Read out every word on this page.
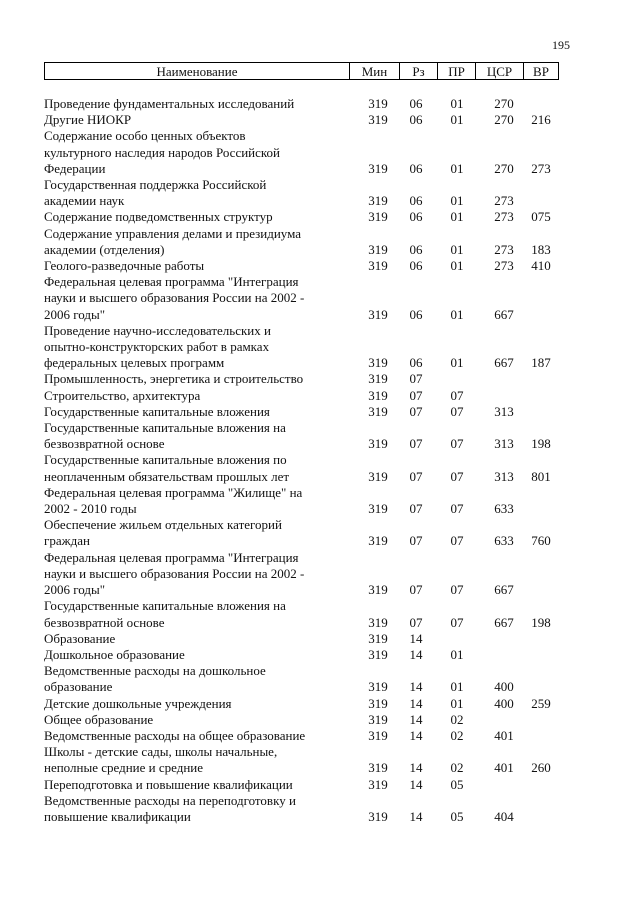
195
Наименование	Мин	Рз	ПР	ЦСР	ВР
Проведение фундаментальных исследований	319	06	01	270
Другие НИОКР	319	06	01	270	216
Содержание особо ценных объектов
культурного наследия народов Российской
Федерации	319	06	01	270	273
Государственная поддержка Российской
академии наук	319	06	01	273
Содержание подведомственных структур	319	06	01	273	075
Содержание управления делами и президиума
академии (отделения)	319	06	01	273	183
Геолого-разведочные работы	319	06	01	273	410
Федеральная целевая программа "Интеграция
науки и высшего образования России на 2002 -
2006 годы"	319	06	01	667
Проведение научно-исследовательских и
опытно-конструкторских работ в рамках
федеральных целевых программ	319	06	01	667	187
Промышленность, энергетика и строительство	319	07
Строительство, архитектура	319	07	07
Государственные капитальные вложения	319	07	07	313
Государственные капитальные вложения на
безвозвратной основе	319	07	07	313	198
Государственные капитальные вложения по
неоплаченным обязательствам прошлых лет	319	07	07	313	801
Федеральная целевая программа "Жилище" на
2002 - 2010 годы	319	07	07	633
Обеспечение жильем отдельных категорий
граждан	319	07	07	633	760
Федеральная целевая программа "Интеграция
науки и высшего образования России на 2002 -
2006 годы"	319	07	07	667
Государственные капитальные вложения на
безвозвратной основе	319	07	07	667	198
Образование	319	14
Дошкольное образование	319	14	01
Ведомственные расходы на дошкольное
образование	319	14	01	400
Детские дошкольные учреждения	319	14	01	400	259
Общее образование	319	14	02
Ведомственные расходы на общее образование	319	14	02	401
Школы - детские сады, школы начальные,
неполные средние и средние	319	14	02	401	260
Переподготовка и повышение квалификации	319	14	05
Ведомственные расходы на переподготовку и
повышение квалификации	319	14	05	404
